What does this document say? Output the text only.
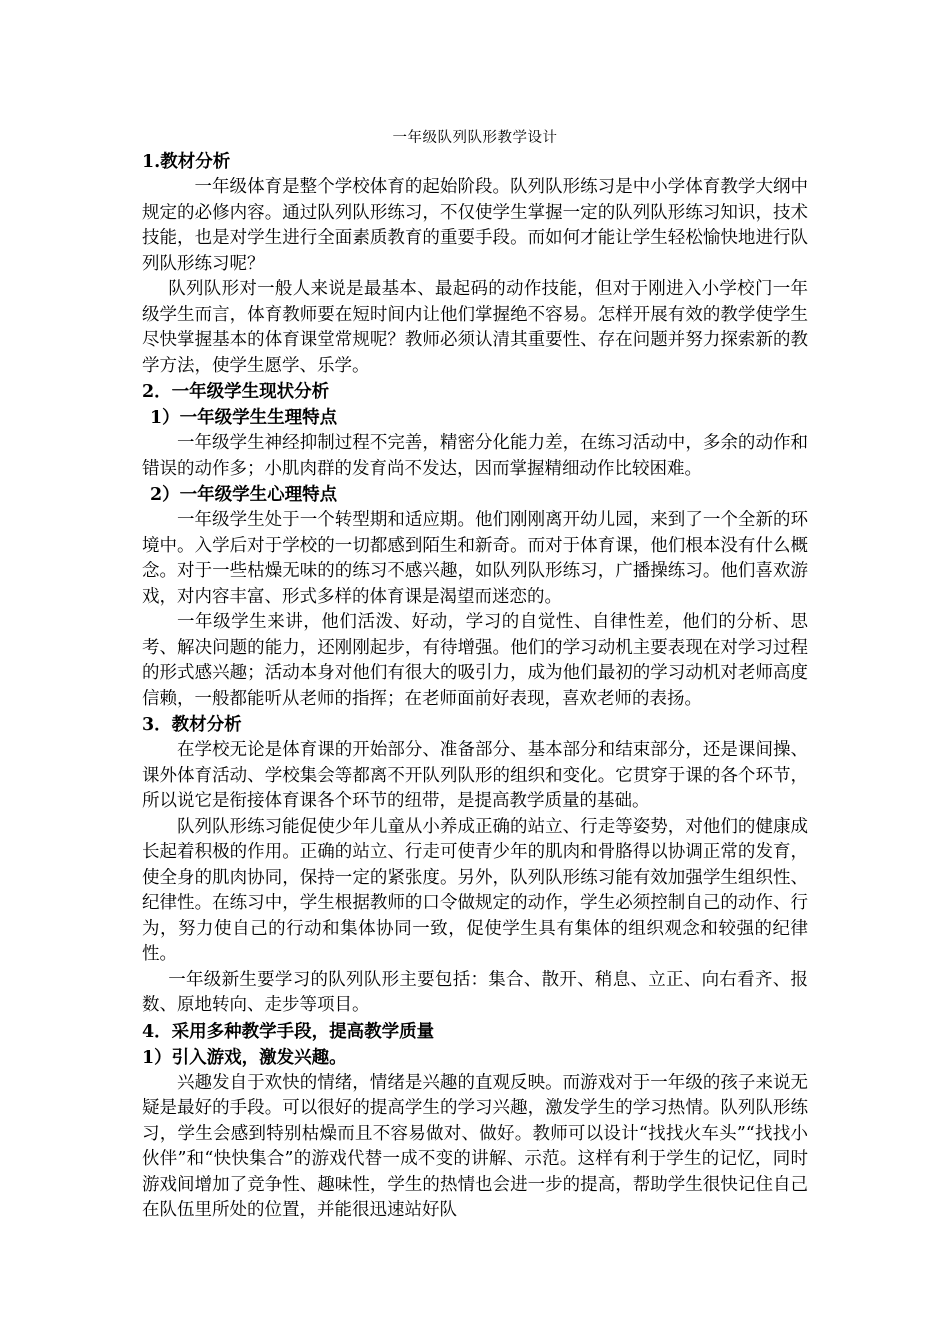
一年级队列队形教学设计
1.教材分析

一年级体育是整个学校体育的起始阶段。队列队形练习是中小学体育教学大纲中规定的必修内容。通过队列队形练习，不仅使学生掌握一定的队列队形练习知识，技术技能，也是对学生进行全面素质教育的重要手段。而如何才能让学生轻松愉快地进行队列队形练习呢？

队列队形对一般人来说是最基本、最起码的动作技能，但对于刚进入小学校门一年级学生而言，体育教师要在短时间内让他们掌握绝不容易。怎样开展有效的教学使学生尽快掌握基本的体育课堂常规呢？教师必须认清其重要性、存在问题并努力探索新的教学方法，使学生愿学、乐学。

2．一年级学生现状分析
1）一年级学生生理特点

一年级学生神经抑制过程不完善，精密分化能力差，在练习活动中，多余的动作和错误的动作多；小肌肉群的发育尚不发达，因而掌握精细动作比较困难。

2）一年级学生心理特点

一年级学生处于一个转型期和适应期。他们刚刚离开幼儿园，来到了一个全新的环境中。入学后对于学校的一切都感到陌生和新奇。而对于体育课，他们根本没有什么概念。对于一些枯燥无味的的练习不感兴趣，如队列队形练习，广播操练习。他们喜欢游戏，对内容丰富、形式多样的体育课是渴望而迷恋的。

一年级学生来讲，他们活泼、好动，学习的自觉性、自律性差，他们的分析、思考、解决问题的能力，还刚刚起步，有待增强。他们的学习动机主要表现在对学习过程的形式感兴趣；活动本身对他们有很大的吸引力，成为他们最初的学习动机对老师高度信赖，一般都能听从老师的指挥；在老师面前好表现，喜欢老师的表扬。

3．教材分析

在学校无论是体育课的开始部分、准备部分、基本部分和结束部分，还是课间操、课外体育活动、学校集会等都离不开队列队形的组织和变化。它贯穿于课的各个环节，所以说它是衔接体育课各个环节的纽带，是提高教学质量的基础。

队列队形练习能促使少年儿童从小养成正确的站立、行走等姿势，对他们的健康成长起着积极的作用。正确的站立、行走可使青少年的肌肉和骨胳得以协调正常的发育，使全身的肌肉协同，保持一定的紧张度。另外，队列队形练习能有效加强学生组织性、纪律性。在练习中，学生根据教师的口令做规定的动作，学生必须控制自己的动作、行为，努力使自己的行动和集体协同一致，促使学生具有集体的组织观念和较强的纪律性。

一年级新生要学习的队列队形主要包括：集合、散开、稍息、立正、向右看齐、报数、原地转向、走步等项目。

4．采用多种教学手段，提高教学质量
1）引入游戏，激发兴趣。

兴趣发自于欢快的情绪，情绪是兴趣的直观反映。而游戏对于一年级的孩子来说无疑是最好的手段。可以很好的提高学生的学习兴趣，激发学生的学习热情。队列队形练习，学生会感到特别枯燥而且不容易做对、做好。教师可以设计“找找火车头”“找找小伙伴”和“快快集合”的游戏代替一成不变的讲解、示范。这样有利于学生的记忆，同时游戏间增加了竞争性、趣味性，学生的热情也会进一步的提高，帮助学生很快记住自己在队伍里所处的位置，并能很迅速站好队
